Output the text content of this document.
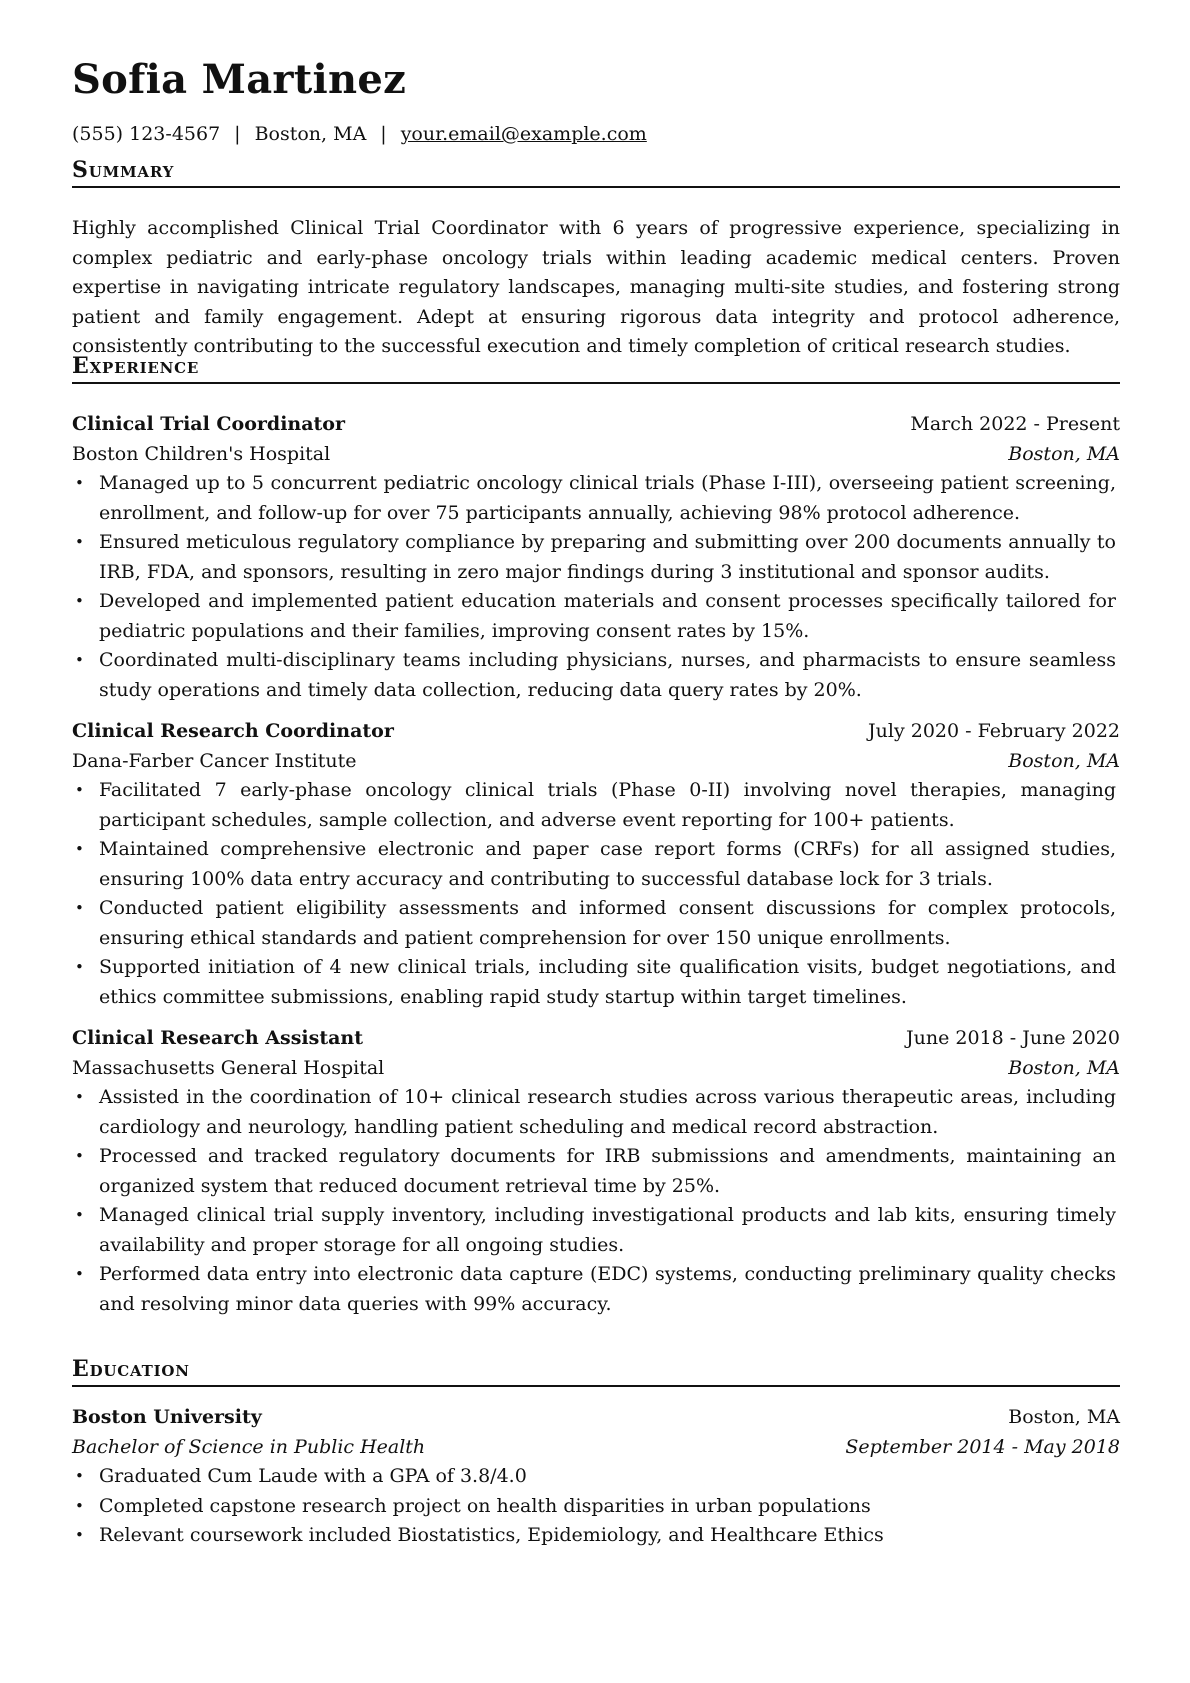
Sofia Martinez
(555) 123-4567 | Boston, MA | your.email@example.com
Summary

Highly accomplished Clinical Trial Coordinator with 6 years of progressive experience, specializing in complex pediatric and early-phase oncology trials within leading academic medical centers. Proven expertise in navigating intricate regulatory landscapes, managing multi-site studies, and fostering strong patient and family engagement. Adept at ensuring rigorous data integrity and protocol adherence, consistently contributing to the successful execution and timely completion of critical research studies.

Experience
Clinical Trial Coordinator	March 2022 - Present
Boston Children's Hospital	Boston, MA
• Managed up to 5 concurrent pediatric oncology clinical trials (Phase I-III), overseeing patient screening, enrollment, and follow-up for over 75 participants annually, achieving 98% protocol adherence.
• Ensured meticulous regulatory compliance by preparing and submitting over 200 documents annually to IRB, FDA, and sponsors, resulting in zero major findings during 3 institutional and sponsor audits.
• Developed and implemented patient education materials and consent processes specifically tailored for pediatric populations and their families, improving consent rates by 15%.
• Coordinated multi-disciplinary teams including physicians, nurses, and pharmacists to ensure seamless study operations and timely data collection, reducing data query rates by 20%.
Clinical Research Coordinator	July 2020 - February 2022
Dana-Farber Cancer Institute	Boston, MA
• Facilitated 7 early-phase oncology clinical trials (Phase 0-II) involving novel therapies, managing participant schedules, sample collection, and adverse event reporting for 100+ patients.
• Maintained comprehensive electronic and paper case report forms (CRFs) for all assigned studies, ensuring 100% data entry accuracy and contributing to successful database lock for 3 trials.
• Conducted patient eligibility assessments and informed consent discussions for complex protocols, ensuring ethical standards and patient comprehension for over 150 unique enrollments.
• Supported initiation of 4 new clinical trials, including site qualification visits, budget negotiations, and ethics committee submissions, enabling rapid study startup within target timelines.
Clinical Research Assistant	June 2018 - June 2020
Massachusetts General Hospital	Boston, MA
• Assisted in the coordination of 10+ clinical research studies across various therapeutic areas, including cardiology and neurology, handling patient scheduling and medical record abstraction.
• Processed and tracked regulatory documents for IRB submissions and amendments, maintaining an organized system that reduced document retrieval time by 25%.
• Managed clinical trial supply inventory, including investigational products and lab kits, ensuring timely availability and proper storage for all ongoing studies.
• Performed data entry into electronic data capture (EDC) systems, conducting preliminary quality checks and resolving minor data queries with 99% accuracy.
Education
Boston University	Boston, MA
Bachelor of Science in Public Health	September 2014 - May 2018
• Graduated Cum Laude with a GPA of 3.8/4.0
• Completed capstone research project on health disparities in urban populations
• Relevant coursework included Biostatistics, Epidemiology, and Healthcare Ethics
